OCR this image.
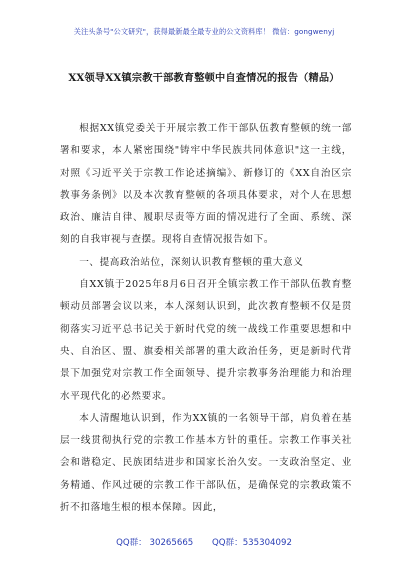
关注头条号"公文研究"，获得最新最全最专业的公文资料库！ 微信：gongwenyj
XX领导XX镇宗教干部教育整顿中自查情况的报告（精品）

根据XX镇党委关于开展宗教工作干部队伍教育整顿的统一部署和要求，本人紧密围绕"铸牢中华民族共同体意识"这一主线，对照《习近平关于宗教工作论述摘编》、新修订的《XX自治区宗教事务条例》以及本次教育整顿的各项具体要求，对个人在思想政治、廉洁自律、履职尽责等方面的情况进行了全面、系统、深刻的自我审视与查摆。现将自查情况报告如下。

一、提高政治站位，深刻认识教育整顿的重大意义

自XX镇于2025年8月6日召开全镇宗教工作干部队伍教育整顿动员部署会议以来，本人深刻认识到，此次教育整顿不仅是贯彻落实习近平总书记关于新时代党的统一战线工作重要思想和中央、自治区、盟、旗委相关部署的重大政治任务，更是新时代背景下加强党对宗教工作全面领导、提升宗教事务治理能力和治理水平现代化的必然要求。

本人清醒地认识到，作为XX镇的一名领导干部，肩负着在基层一线贯彻执行党的宗教工作基本方针的重任。宗教工作事关社会和谐稳定、民族团结进步和国家长治久安。一支政治坚定、业务精通、作风过硬的宗教工作干部队伍，是确保党的宗教政策不折不扣落地生根的根本保障。因此，

QQ群： 30265665 QQ群：535304092
